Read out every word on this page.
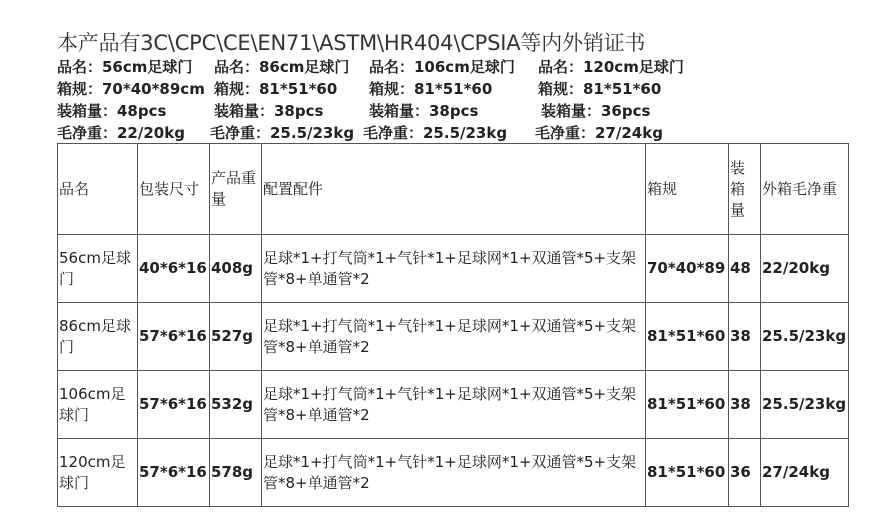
本产品有3C\CPC\CE\EN71\ASTM\HR404\CPSIA等内外销证书
品名：56cm足球门 品名：86cm足球门 品名：106cm足球门 品名：120cm足球门
箱规：70*40*89cm 箱规：81*51*60 箱规：81*51*60	箱规：81*51*60
装箱量：48pcs	装箱量：38pcs	装箱量：38pcs	装箱量：36pcs
毛净重：22/20kg 毛净重：25.5/23kg 毛净重：25.5/23kg 毛净重：27/24kg
品名	包装尺寸	产品重量	配置配件	箱规	装箱量	外箱毛净重
56cm足球门	40*6*16	408g	足球*1+打气筒*1+气针*1+足球网*1+双通管*5+支架管*8+单通管*2	70*40*89	48	22/20kg
86cm足球门	57*6*16	527g	足球*1+打气筒*1+气针*1+足球网*1+双通管*5+支架管*8+单通管*2	81*51*60	38	25.5/23kg
106cm足球门	57*6*16	532g	足球*1+打气筒*1+气针*1+足球网*1+双通管*5+支架管*8+单通管*2	81*51*60	38	25.5/23kg
120cm足球门	57*6*16	578g	足球*1+打气筒*1+气针*1+足球网*1+双通管*5+支架管*8+单通管*2	81*51*60	36	27/24kg
